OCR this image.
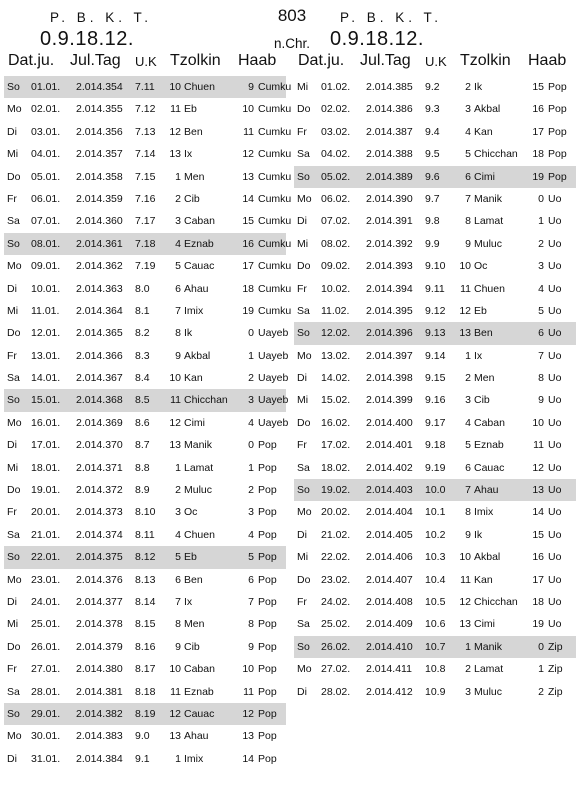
803
n.Chr.
P. B. K. T.
0.9.18.12.
Dat.ju. Jul.Tag U.K Tzolkin Haab
So	01.01.	2.014.354	7.11	10 Chuen	9 Cumku
Mo 02.01.	2.014.355	7.12	11 Eb	10 Cumku
Di	03.01.	2.014.356	7.13	12 Ben	11 Cumku
Mi	04.01.	2.014.357	7.14	13 Ix	12 Cumku
Do	05.01.	2.014.358	7.15	1 Men	13 Cumku
Fr	06.01.	2.014.359	7.16	2 Cib	14 Cumku
Sa	07.01.	2.014.360	7.17	3 Caban	15 Cumku
So	08.01.	2.014.361	7.18	4 Eznab	16 Cumku
Mo 09.01.	2.014.362	7.19	5 Cauac	17 Cumku
Di	10.01.	2.014.363	8.0	6 Ahau	18 Cumku
Mi	11.01.	2.014.364	8.1	7 Imix	19 Cumku
Do	12.01.	2.014.365	8.2	8 Ik	0 Uayeb
Fr	13.01.	2.014.366	8.3	9 Akbal	1 Uayeb
Sa	14.01.	2.014.367	8.4	10 Kan	2 Uayeb
So	15.01.	2.014.368	8.5	11 Chicchan	3 Uayeb
Mo 16.01.	2.014.369	8.6	12 Cimi	4 Uayeb
Di	17.01.	2.014.370	8.7	13 Manik	0 Pop
Mi	18.01.	2.014.371	8.8	1 Lamat	1 Pop
Do	19.01.	2.014.372	8.9	2 Muluc	2 Pop
Fr	20.01.	2.014.373	8.10	3 Oc	3 Pop
Sa	21.01.	2.014.374	8.11	4 Chuen	4 Pop
So	22.01.	2.014.375	8.12	5 Eb	5 Pop
Mo 23.01.	2.014.376	8.13	6 Ben	6 Pop
Di	24.01.	2.014.377	8.14	7 Ix	7 Pop
Mi	25.01.	2.014.378	8.15	8 Men	8 Pop
Do	26.01.	2.014.379	8.16	9 Cib	9 Pop
Fr	27.01.	2.014.380	8.17	10 Caban	10 Pop
Sa	28.01.	2.014.381	8.18	11 Eznab	11 Pop
So	29.01.	2.014.382	8.19	12 Cauac	12 Pop
Mo 30.01.	2.014.383	9.0	13 Ahau	13 Pop
Di	31.01.	2.014.384	9.1	1 Imix	14 Pop
P. B. K. T.
0.9.18.12.
Dat.ju. Jul.Tag U.K Tzolkin Haab
Mi	01.02.	2.014.385	9.2	2 Ik	15 Pop
Do	02.02.	2.014.386	9.3	3 Akbal	16 Pop
Fr	03.02.	2.014.387	9.4	4 Kan	17 Pop
Sa	04.02.	2.014.388	9.5	5 Chicchan	18 Pop
So	05.02.	2.014.389	9.6	6 Cimi	19 Pop
Mo 06.02.	2.014.390	9.7	7 Manik	0 Uo
Di	07.02.	2.014.391	9.8	8 Lamat	1 Uo
Mi	08.02.	2.014.392	9.9	9 Muluc	2 Uo
Do	09.02.	2.014.393	9.10	10 Oc	3 Uo
Fr	10.02.	2.014.394	9.11	11 Chuen	4 Uo
Sa	11.02.	2.014.395	9.12	12 Eb	5 Uo
So	12.02.	2.014.396	9.13	13 Ben	6 Uo
Mo 13.02.	2.014.397	9.14	1 Ix	7 Uo
Di	14.02.	2.014.398	9.15	2 Men	8 Uo
Mi	15.02.	2.014.399	9.16	3 Cib	9 Uo
Do	16.02.	2.014.400	9.17	4 Caban	10 Uo
Fr	17.02.	2.014.401	9.18	5 Eznab	11 Uo
Sa	18.02.	2.014.402	9.19	6 Cauac	12 Uo
So	19.02.	2.014.403	10.0	7 Ahau	13 Uo
Mo 20.02.	2.014.404	10.1	8 Imix	14 Uo
Di	21.02.	2.014.405	10.2	9 Ik	15 Uo
Mi	22.02.	2.014.406	10.3	10 Akbal	16 Uo
Do	23.02.	2.014.407	10.4	11 Kan	17 Uo
Fr	24.02.	2.014.408	10.5	12 Chicchan	18 Uo
Sa	25.02.	2.014.409	10.6	13 Cimi	19 Uo
So	26.02.	2.014.410	10.7	1 Manik	0 Zip
Mo 27.02.	2.014.411	10.8	2 Lamat	1 Zip
Di	28.02.	2.014.412	10.9	3 Muluc	2 Zip
